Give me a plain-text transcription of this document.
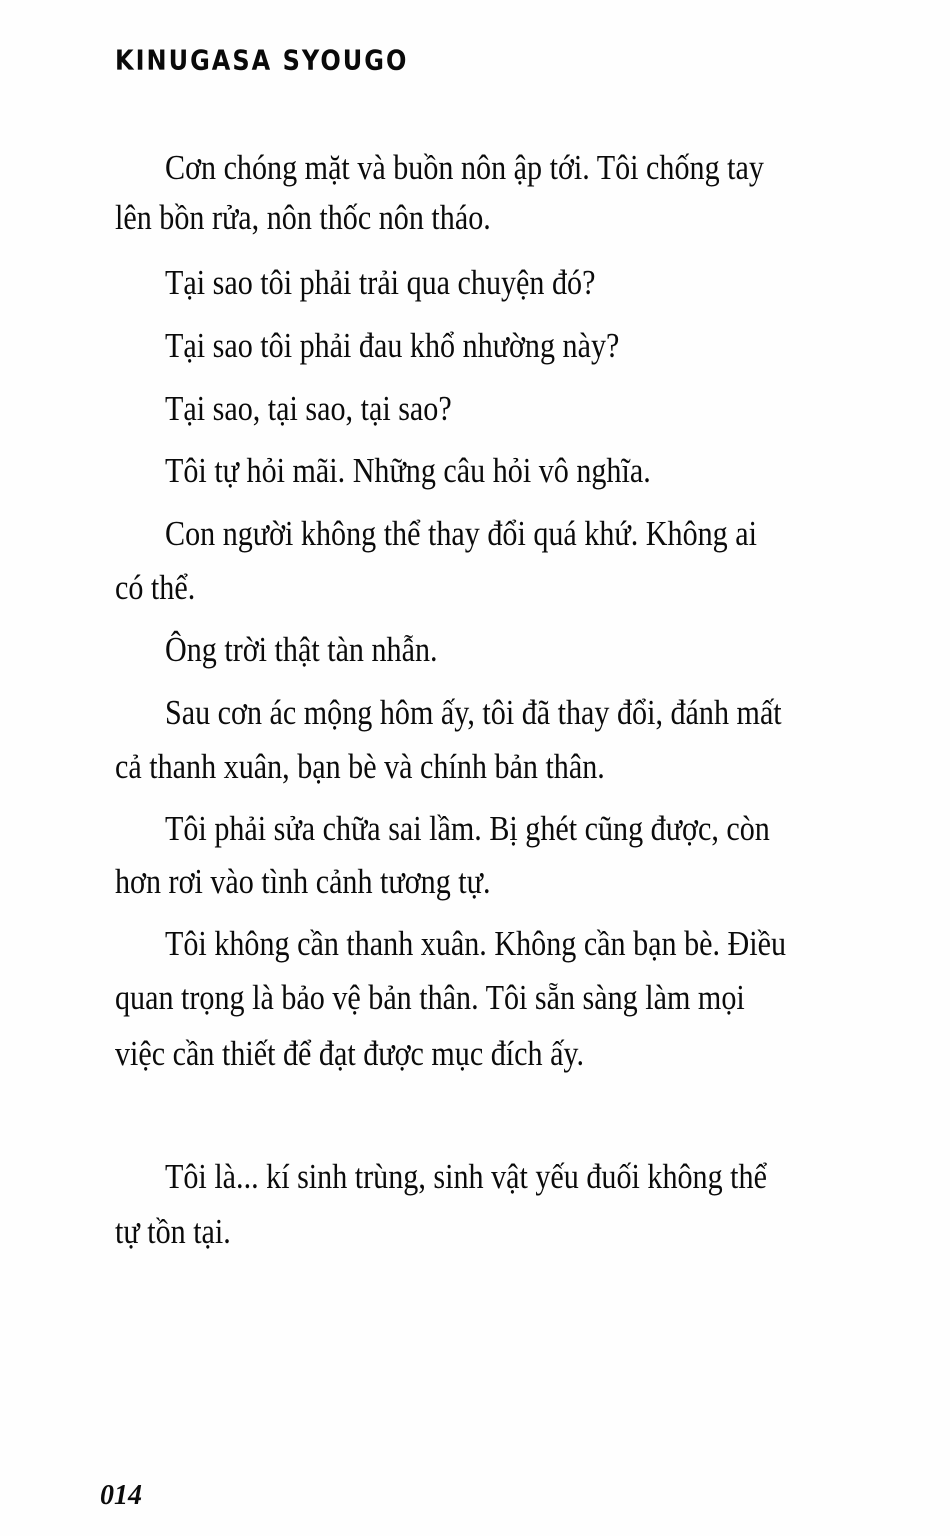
KINUGASA SYOUGO
Cơn chóng mặt và buồn nôn ập tới. Tôi chống tay
lên bồn rửa, nôn thốc nôn tháo.
Tại sao tôi phải trải qua chuyện đó?
Tại sao tôi phải đau khổ nhường này?
Tại sao, tại sao, tại sao?
Tôi tự hỏi mãi. Những câu hỏi vô nghĩa.
Con người không thể thay đổi quá khứ. Không ai
có thể.
Ông trời thật tàn nhẫn.
Sau cơn ác mộng hôm ấy, tôi đã thay đổi, đánh mất
cả thanh xuân, bạn bè và chính bản thân.
Tôi phải sửa chữa sai lầm. Bị ghét cũng được, còn
hơn rơi vào tình cảnh tương tự.
Tôi không cần thanh xuân. Không cần bạn bè. Điều
quan trọng là bảo vệ bản thân. Tôi sẵn sàng làm mọi
việc cần thiết để đạt được mục đích ấy.
Tôi là... kí sinh trùng, sinh vật yếu đuối không thể
tự tồn tại.
014
